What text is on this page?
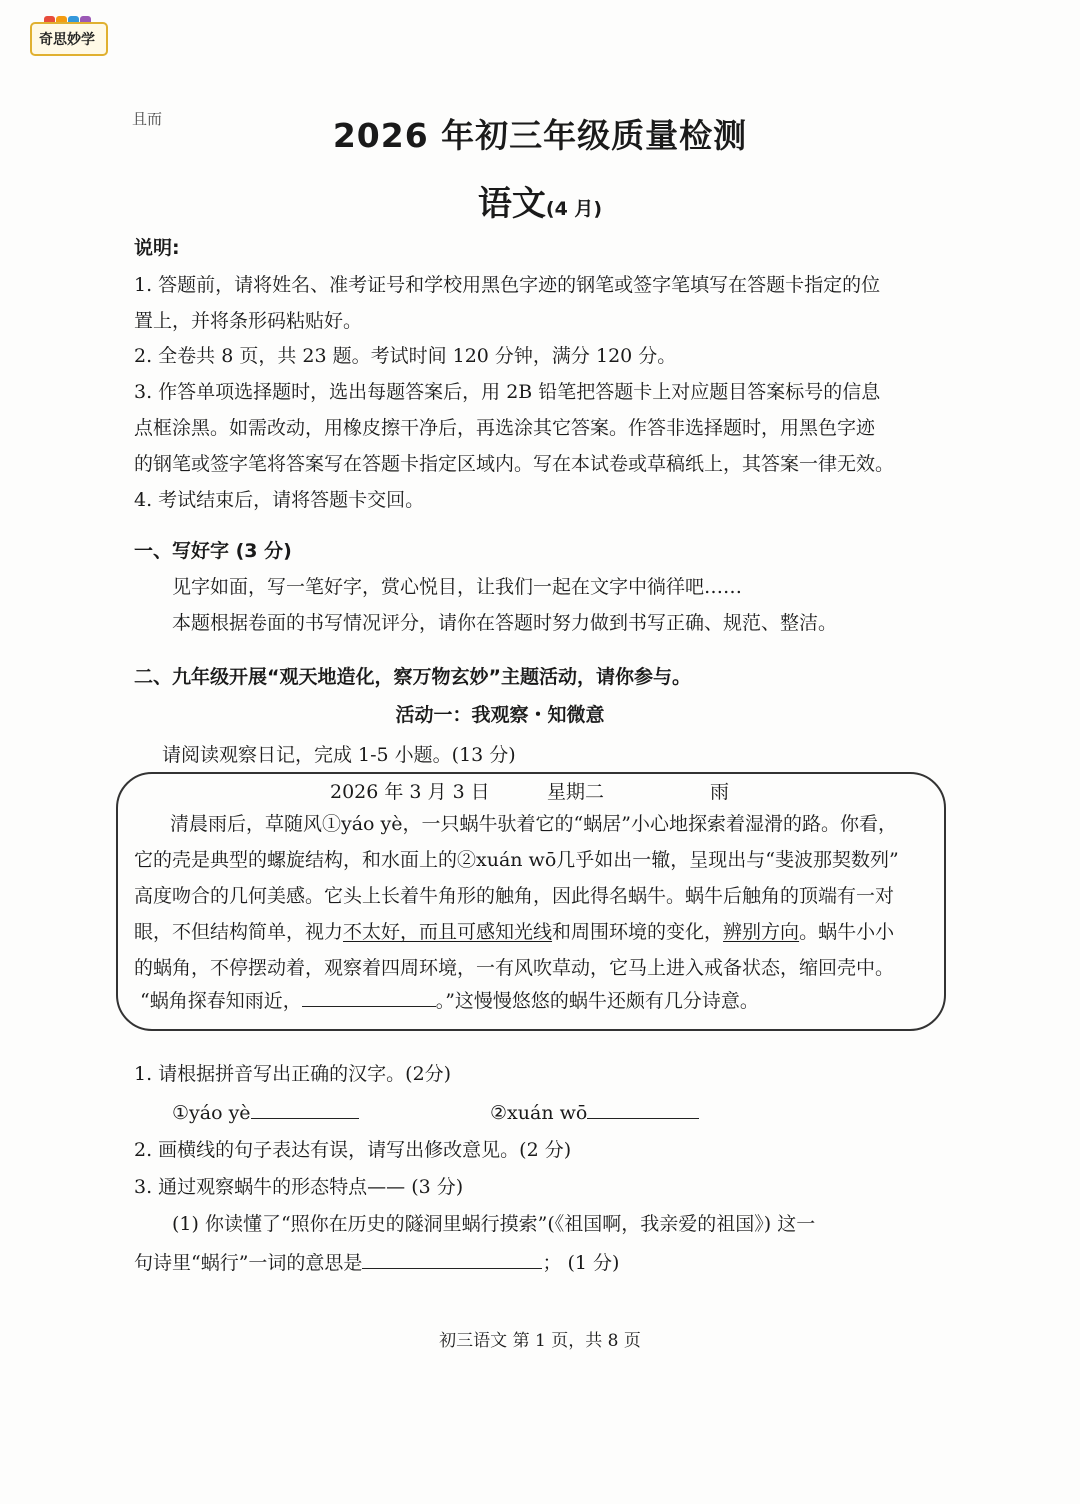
奇思妙学
且而	2026 年初三年级质量检测
语文(4 月)
说明:
1. 答题前，请将姓名、准考证号和学校用黑色字迹的钢笔或签字笔填写在答题卡指定的位
置上，并将条形码粘贴好。
2. 全卷共 8 页，共 23 题。考试时间 120 分钟，满分 120 分。
3. 作答单项选择题时，选出每题答案后，用 2B 铅笔把答题卡上对应题目答案标号的信息
点框涂黑。如需改动，用橡皮擦干净后，再选涂其它答案。作答非选择题时，用黑色字迹
的钢笔或签字笔将答案写在答题卡指定区域内。写在本试卷或草稿纸上，其答案一律无效。
4. 考试结束后，请将答题卡交回。
一、写好字 (3 分)
见字如面，写一笔好字，赏心悦目，让我们一起在文字中徜徉吧……
本题根据卷面的书写情况评分，请你在答题时努力做到书写正确、规范、整洁。
二、九年级开展“观天地造化，察万物玄妙”主题活动，请你参与。
活动一：我观察・知微意
请阅读观察日记，完成 1-5 小题。(13 分)
2026 年 3 月 3 日	星期二	雨
清晨雨后，草随风①yáo yè，一只蜗牛驮着它的“蜗居”小心地探索着湿滑的路。你看，
它的壳是典型的螺旋结构，和水面上的②xuán wō几乎如出一辙，呈现出与“斐波那契数列”
高度吻合的几何美感。它头上长着牛角形的触角，因此得名蜗牛。蜗牛后触角的顶端有一对
眼，不但结构简单，视力不太好，而且可感知光线和周围环境的变化，辨别方向。蜗牛小小
的蜗角，不停摆动着，观察着四周环境，一有风吹草动，它马上进入戒备状态，缩回壳中。
“蜗角探春知雨近，	。”这慢慢悠悠的蜗牛还颇有几分诗意。
1. 请根据拼音写出正确的汉字。(2分)
①yáo yè	②xuán wō
2. 画横线的句子表达有误，请写出修改意见。(2 分)
3. 通过观察蜗牛的形态特点—— (3 分)
(1) 你读懂了“照你在历史的隧洞里蜗行摸索”(《祖国啊，我亲爱的祖国》) 这一
句诗里“蜗行”一词的意思是	； (1 分)
初三语文 第 1 页，共 8 页
